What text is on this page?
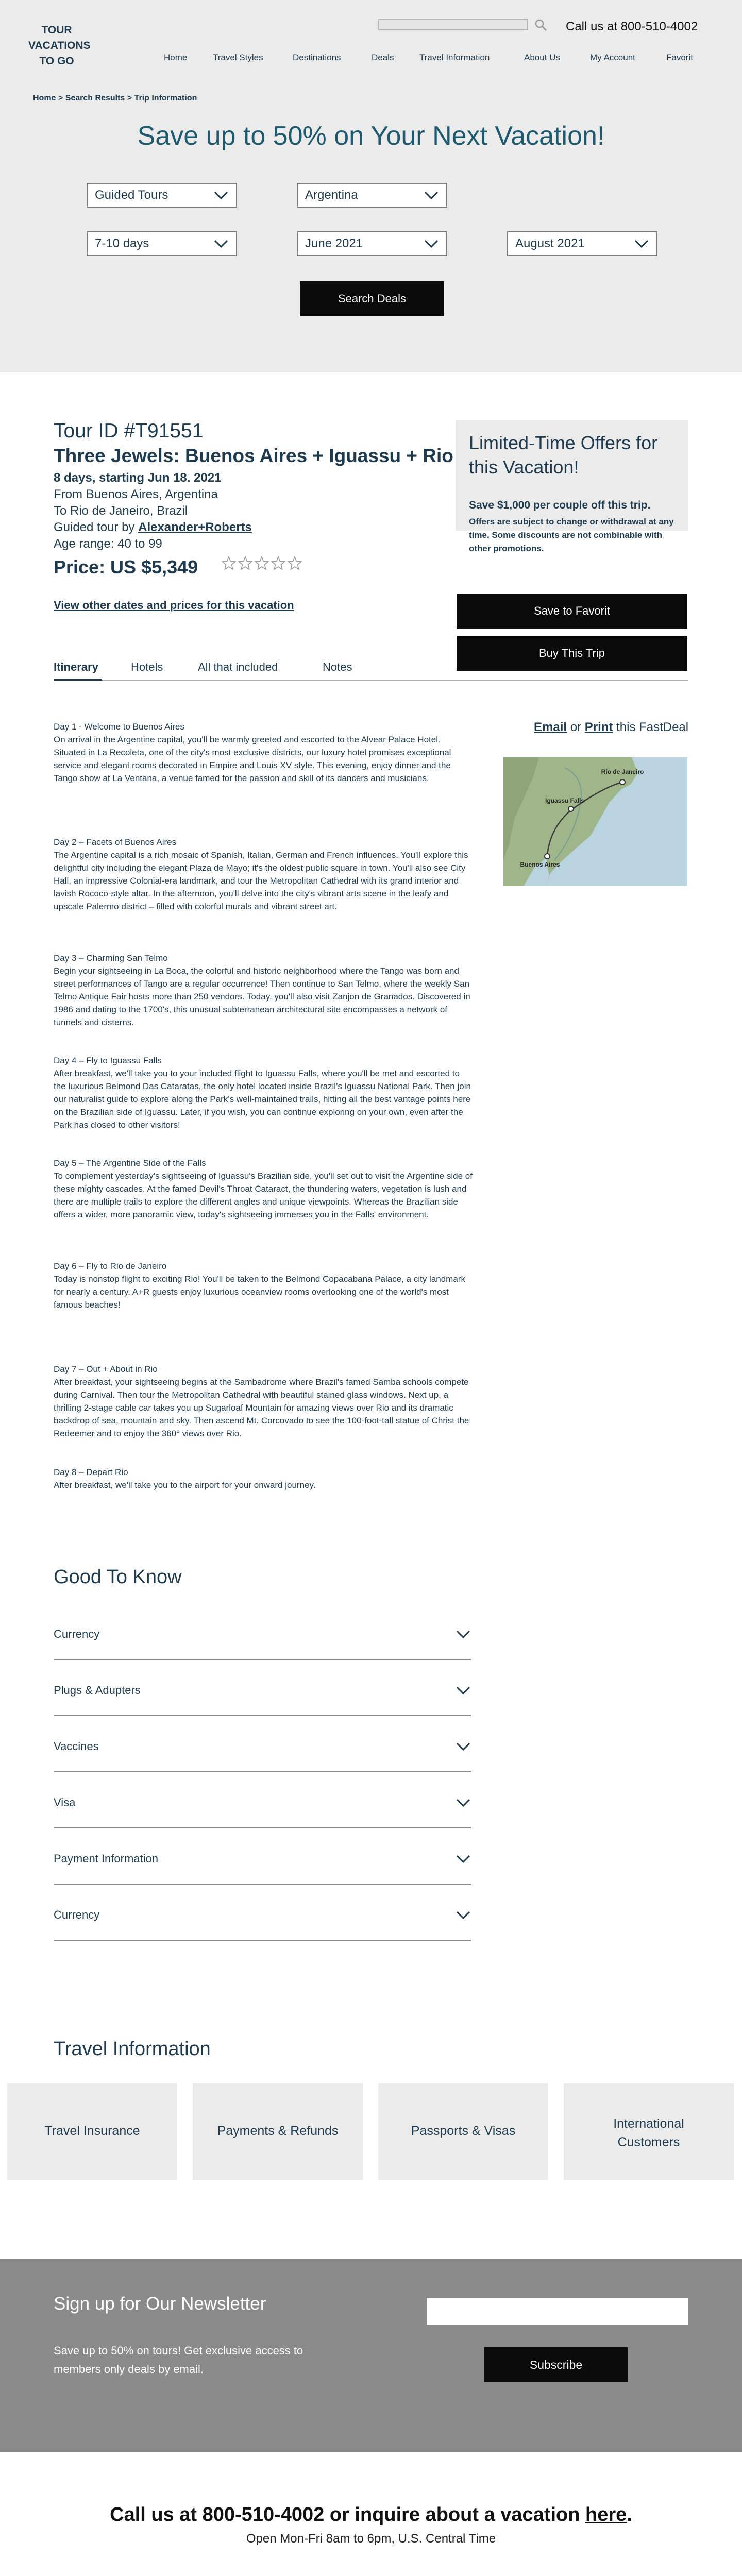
TOUR
VACATIONS
TO GO
Call us at 800-510-4002
Home	Travel Styles	Destinations	Deals	Travel Information	About Us	My Account	Favorit
Home > Search Results > Trip Information
Save up to 50% on Your Next Vacation!
Guided Tours	Argentina
7-10 days	June 2021	August 2021
Search Deals
Tour ID #T91551
Three Jewels: Buenos Aires + Iguassu + Rio
8 days, starting Jun 18. 2021
From Buenos Aires, Argentina
To Rio de Janeiro, Brazil
Guided tour by Alexander+Roberts
Age range: 40 to 99
Price: US $5,349
View other dates and prices for this vacation
Limited-Time Offers for this Vacation!
Save $1,000 per couple off this trip.
Offers are subject to change or withdrawal at any time. Some discounts are not combinable with other promotions.
Save to Favorit
Buy This Trip
Itinerary	Hotels	All that included	Notes
Email or Print this FastDeal
Rio de Janeiro
Iguassu Falls
Buenos Aires
Day 1 - Welcome to Buenos Aires
On arrival in the Argentine capital, you'll be warmly greeted and escorted to the Alvear Palace Hotel. Situated in La Recoleta, one of the city's most exclusive districts, our luxury hotel promises exceptional service and elegant rooms decorated in Empire and Louis XV style. This evening, enjoy dinner and the Tango show at La Ventana, a venue famed for the passion and skill of its dancers and musicians.
Day 2 – Facets of Buenos Aires
The Argentine capital is a rich mosaic of Spanish, Italian, German and French influences. You'll explore this delightful city including the elegant Plaza de Mayo; it's the oldest public square in town. You'll also see City Hall, an impressive Colonial-era landmark, and tour the Metropolitan Cathedral with its grand interior and lavish Rococo-style altar. In the afternoon, you'll delve into the city's vibrant arts scene in the leafy and upscale Palermo district – filled with colorful murals and vibrant street art.
Day 3 – Charming San Telmo
Begin your sightseeing in La Boca, the colorful and historic neighborhood where the Tango was born and street performances of Tango are a regular occurrence! Then continue to San Telmo, where the weekly San Telmo Antique Fair hosts more than 250 vendors. Today, you'll also visit Zanjon de Granados. Discovered in 1986 and dating to the 1700's, this unusual subterranean architectural site encompasses a network of tunnels and cisterns.
Day 4 – Fly to Iguassu Falls
After breakfast, we'll take you to your included flight to Iguassu Falls, where you'll be met and escorted to the luxurious Belmond Das Cataratas, the only hotel located inside Brazil's Iguassu National Park. Then join our naturalist guide to explore along the Park's well-maintained trails, hitting all the best vantage points here on the Brazilian side of Iguassu. Later, if you wish, you can continue exploring on your own, even after the Park has closed to other visitors!
Day 5 – The Argentine Side of the Falls
To complement yesterday's sightseeing of Iguassu's Brazilian side, you'll set out to visit the Argentine side of these mighty cascades. At the famed Devil's Throat Cataract, the thundering waters, vegetation is lush and there are multiple trails to explore the different angles and unique viewpoints. Whereas the Brazilian side offers a wider, more panoramic view, today's sightseeing immerses you in the Falls' environment.
Day 6 – Fly to Rio de Janeiro
Today is nonstop flight to exciting Rio! You'll be taken to the Belmond Copacabana Palace, a city landmark for nearly a century. A+R guests enjoy luxurious oceanview rooms overlooking one of the world's most famous beaches!
Day 7 – Out + About in Rio
After breakfast, your sightseeing begins at the Sambadrome where Brazil's famed Samba schools compete during Carnival. Then tour the Metropolitan Cathedral with beautiful stained glass windows. Next up, a thrilling 2-stage cable car takes you up Sugarloaf Mountain for amazing views over Rio and its dramatic backdrop of sea, mountain and sky. Then ascend Mt. Corcovado to see the 100-foot-tall statue of Christ the Redeemer and to enjoy the 360° views over Rio.
Day 8 – Depart Rio
After breakfast, we'll take you to the airport for your onward journey.
Good To Know
Currency
Plugs & Adupters
Vaccines
Visa
Payment Information
Currency
Travel Information
Travel Insurance	Payments & Refunds	Passports & Visas	International Customers
Sign up for Our Newsletter
Save up to 50% on tours! Get exclusive access to members only deals by email.	Subscribe
Call us at 800-510-4002 or inquire about a vacation here.
Open Mon-Fri 8am to 6pm, U.S. Central Time
